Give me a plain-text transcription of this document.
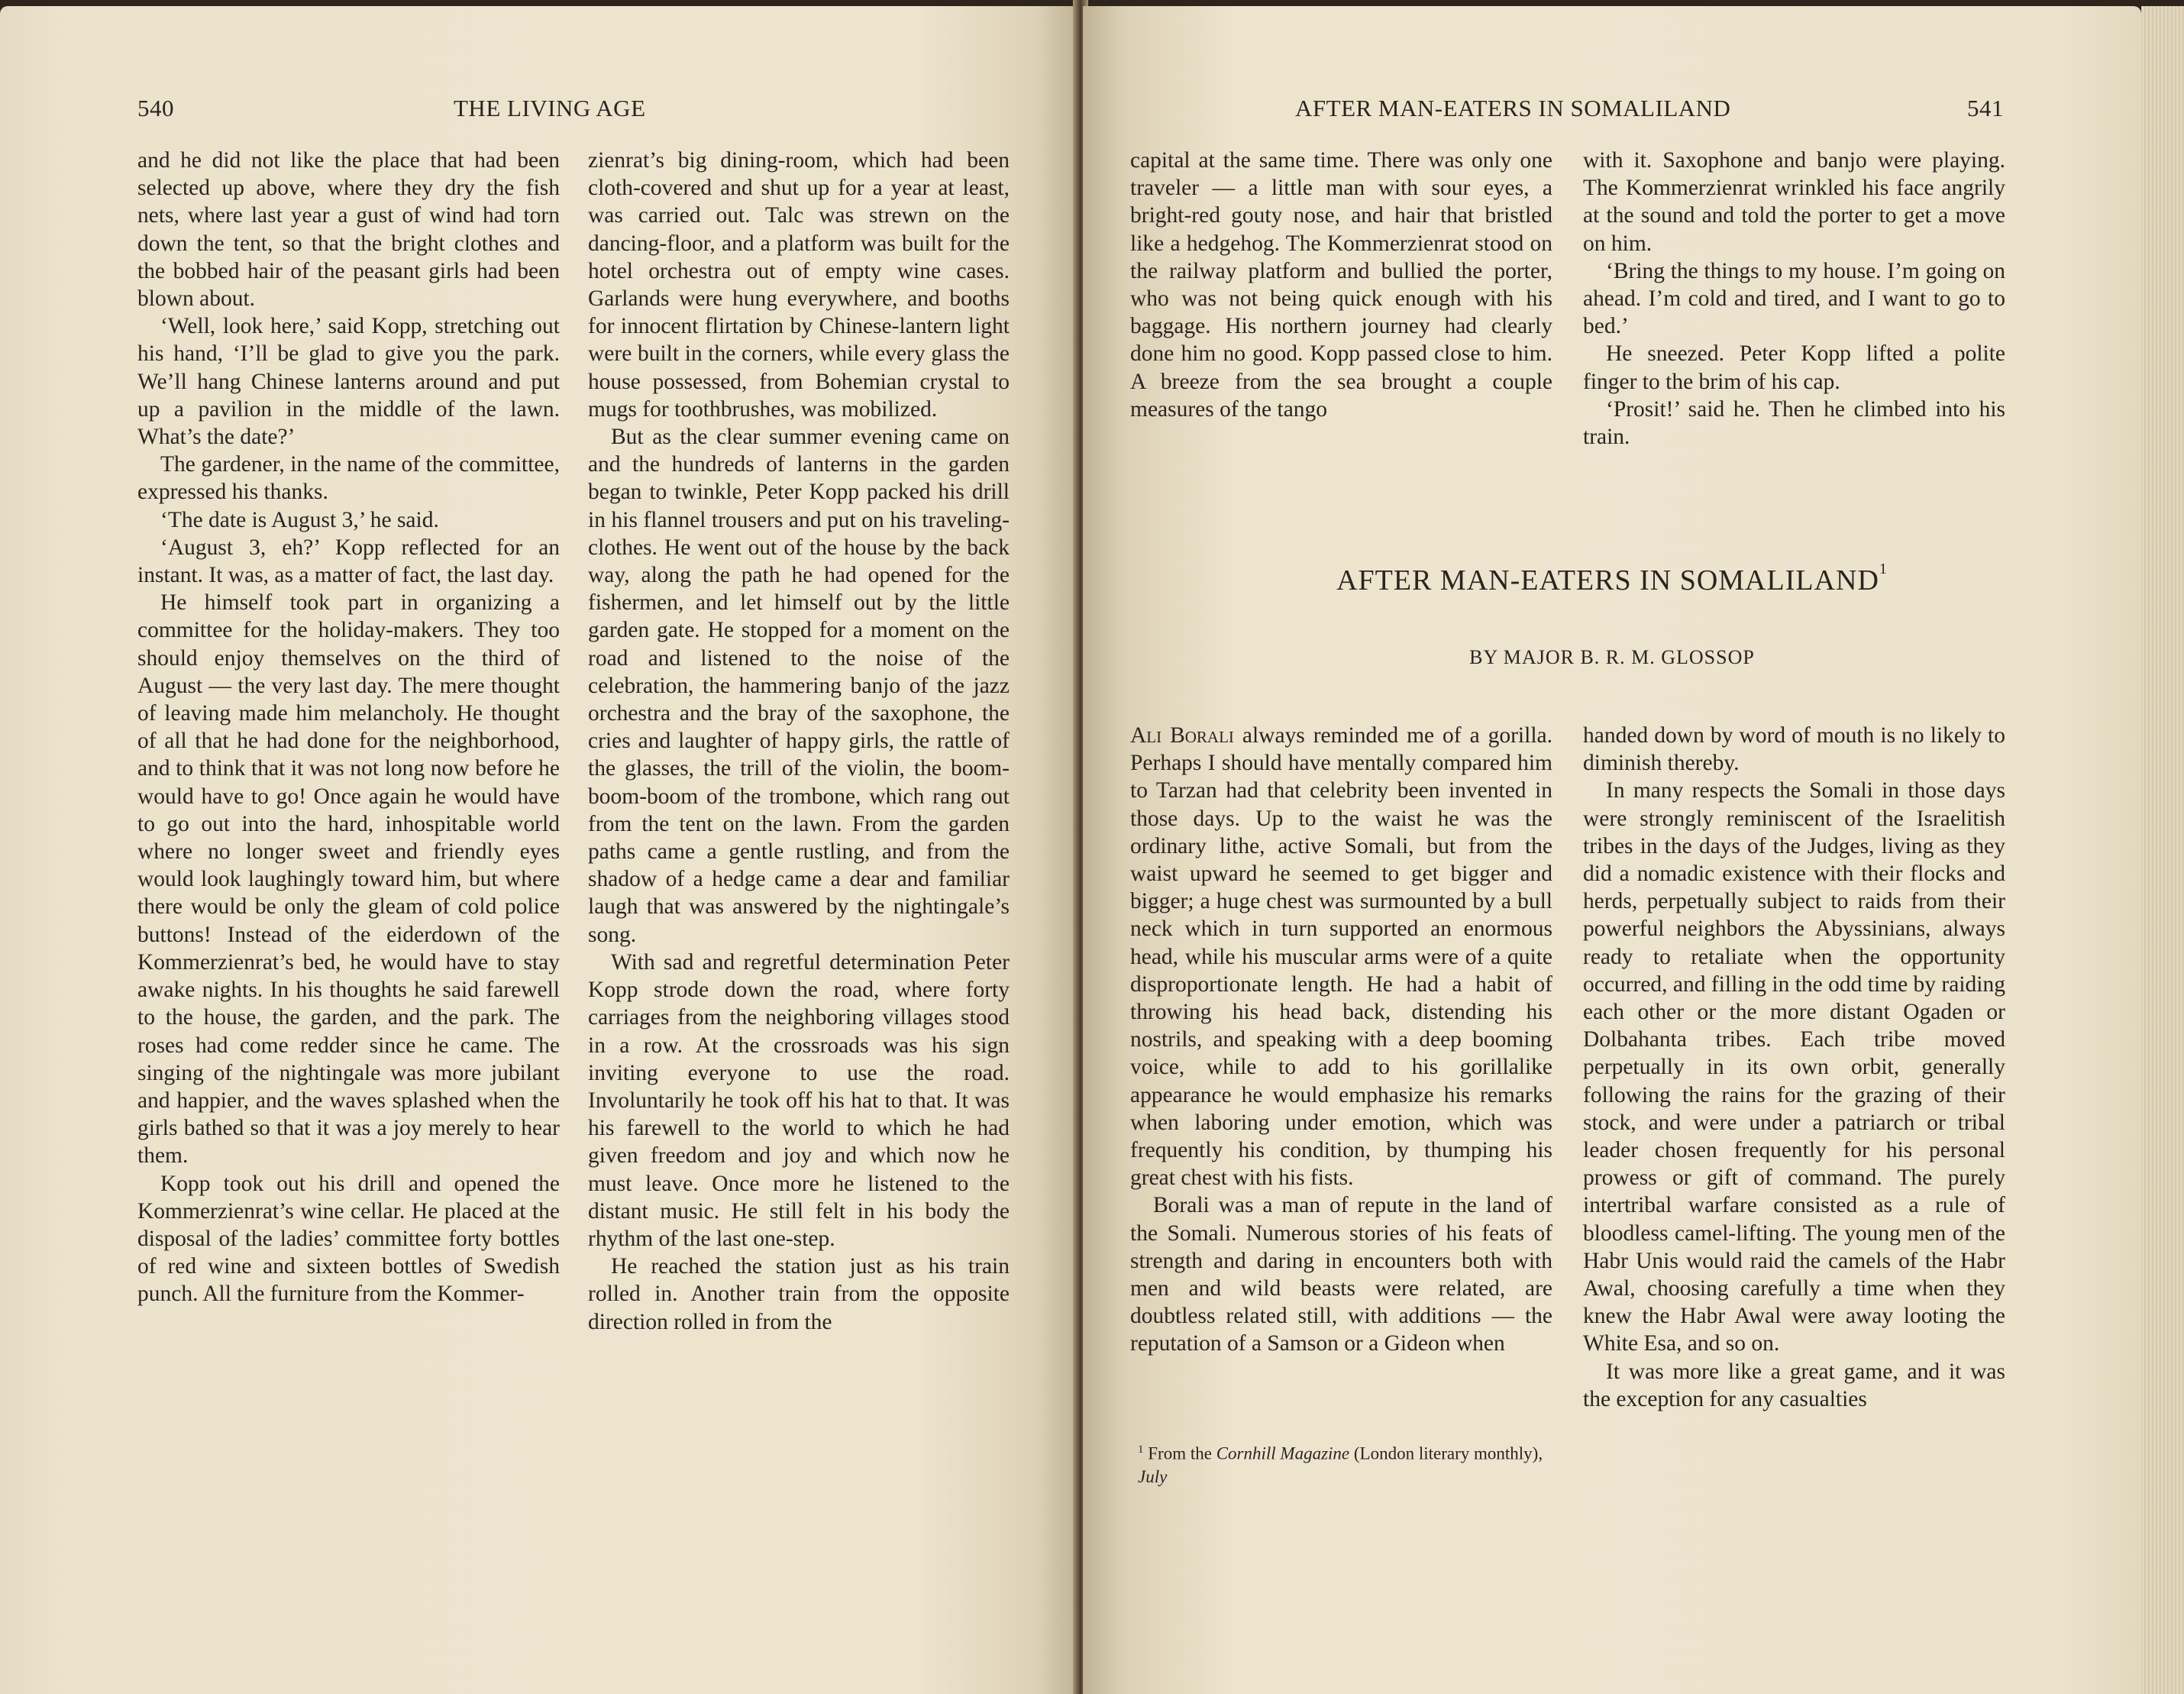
540	THE LIVING AGE

and he did not like the place that had been selected up above, where they dry the fish nets, where last year a gust of wind had torn down the tent, so that the bright clothes and the bobbed hair of the peasant girls had been blown about.

‘Well, look here,’ said Kopp, stretching out his hand, ‘I’ll be glad to give you the park. We’ll hang Chinese lanterns around and put up a pavilion in the middle of the lawn. What’s the date?’

The gardener, in the name of the committee, expressed his thanks.

‘The date is August 3,’ he said.

‘August 3, eh?’ Kopp reflected for an instant. It was, as a matter of fact, the last day.

He himself took part in organizing a committee for the holiday-makers. They too should enjoy themselves on the third of August — the very last day. The mere thought of leaving made him melancholy. He thought of all that he had done for the neighborhood, and to think that it was not long now before he would have to go! Once again he would have to go out into the hard, inhospitable world where no longer sweet and friendly eyes would look laughingly toward him, but where there would be only the gleam of cold police buttons! Instead of the eiderdown of the Kommerzienrat’s bed, he would have to stay awake nights. In his thoughts he said farewell to the house, the garden, and the park. The roses had come redder since he came. The singing of the nightingale was more jubilant and happier, and the waves splashed when the girls bathed so that it was a joy merely to hear them.

Kopp took out his drill and opened the Kommerzienrat’s wine cellar. He placed at the disposal of the ladies’ committee forty bottles of red wine and sixteen bottles of Swedish punch. All the furniture from the Kommer-

zienrat’s big dining-room, which had been cloth-covered and shut up for a year at least, was carried out. Talc was strewn on the dancing-floor, and a platform was built for the hotel orchestra out of empty wine cases. Garlands were hung everywhere, and booths for innocent flirtation by Chinese-lantern light were built in the corners, while every glass the house possessed, from Bohemian crystal to mugs for toothbrushes, was mobilized.

But as the clear summer evening came on and the hundreds of lanterns in the garden began to twinkle, Peter Kopp packed his drill in his flannel trousers and put on his traveling-clothes. He went out of the house by the back way, along the path he had opened for the fishermen, and let himself out by the little garden gate. He stopped for a moment on the road and listened to the noise of the celebration, the hammering banjo of the jazz orchestra and the bray of the saxophone, the cries and laughter of happy girls, the rattle of the glasses, the trill of the violin, the boom-boom-boom of the trombone, which rang out from the tent on the lawn. From the garden paths came a gentle rustling, and from the shadow of a hedge came a dear and familiar laugh that was answered by the nightingale’s song.

With sad and regretful determination Peter Kopp strode down the road, where forty carriages from the neighboring villages stood in a row. At the crossroads was his sign inviting everyone to use the road. Involuntarily he took off his hat to that. It was his farewell to the world to which he had given freedom and joy and which now he must leave. Once more he listened to the distant music. He still felt in his body the rhythm of the last one-step.

He reached the station just as his train rolled in. Another train from the opposite direction rolled in from the

AFTER MAN-EATERS IN SOMALILAND	541

capital at the same time. There was only one traveler — a little man with sour eyes, a bright-red gouty nose, and hair that bristled like a hedgehog. The Kommerzienrat stood on the railway platform and bullied the porter, who was not being quick enough with his baggage. His northern journey had clearly done him no good. Kopp passed close to him. A breeze from the sea brought a couple measures of the tango

with it. Saxophone and banjo were playing. The Kommerzienrat wrinkled his face angrily at the sound and told the porter to get a move on him.

‘Bring the things to my house. I’m going on ahead. I’m cold and tired, and I want to go to bed.’

He sneezed. Peter Kopp lifted a polite finger to the brim of his cap.

‘Prosit!’ said he. Then he climbed into his train.

Ali Borali always reminded me of a gorilla. Perhaps I should have mentally compared him to Tarzan had that celebrity been invented in those days. Up to the waist he was the ordinary lithe, active Somali, but from the waist upward he seemed to get bigger and bigger; a huge chest was surmounted by a bull neck which in turn supported an enormous head, while his muscular arms were of a quite disproportionate length. He had a habit of throwing his head back, distending his nostrils, and speaking with a deep booming voice, while to add to his gorillalike appearance he would emphasize his remarks when laboring under emotion, which was frequently his condition, by thumping his great chest with his fists.

Borali was a man of repute in the land of the Somali. Numerous stories of his feats of strength and daring in encounters both with men and wild beasts were related, are doubtless related still, with additions — the reputation of a Samson or a Gideon when

handed down by word of mouth is no likely to diminish thereby.

In many respects the Somali in those days were strongly reminiscent of the Israelitish tribes in the days of the Judges, living as they did a nomadic existence with their flocks and herds, perpetually subject to raids from their powerful neighbors the Abyssinians, always ready to retaliate when the opportunity occurred, and filling in the odd time by raiding each other or the more distant Ogaden or Dolbahanta tribes. Each tribe moved perpetually in its own orbit, generally following the rains for the grazing of their stock, and were under a patriarch or tribal leader chosen frequently for his personal prowess or gift of command. The purely intertribal warfare consisted as a rule of bloodless camel-lifting. The young men of the Habr Unis would raid the camels of the Habr Awal, choosing carefully a time when they knew the Habr Awal were away looting the White Esa, and so on.

It was more like a great game, and it was the exception for any casualties

AFTER MAN-EATERS IN SOMALILAND$^1$
BY MAJOR B. R. M. GLOSSOP
$^1$ From the Cornhill Magazine (London literary monthly), July
